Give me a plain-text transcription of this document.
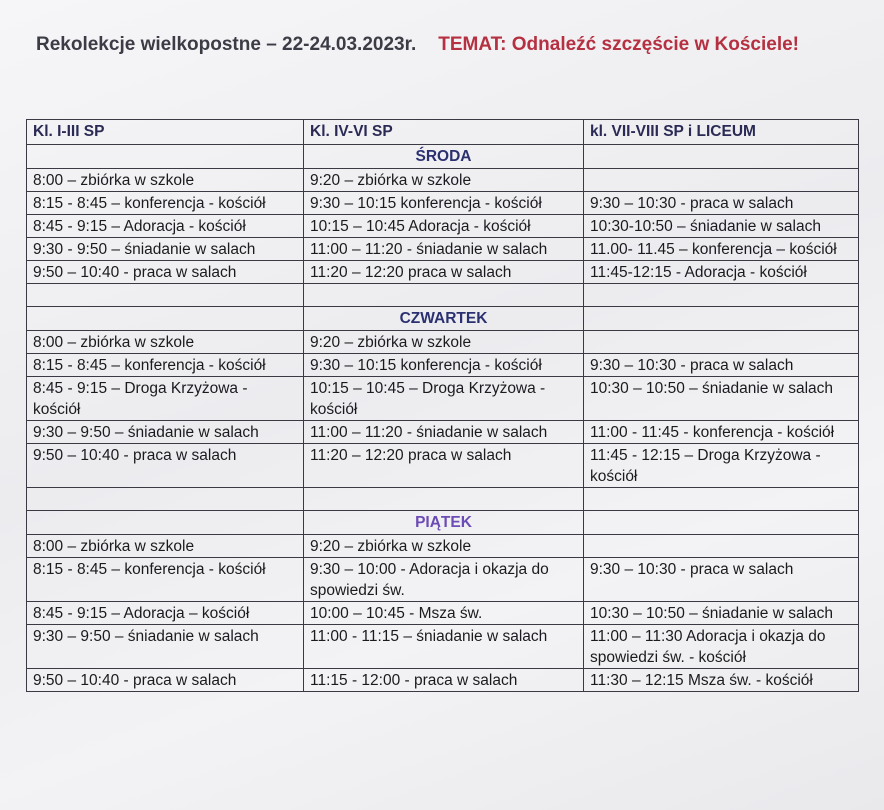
Rekolekcje wielkopostne – 22-24.03.2023r. TEMAT: Odnaleźć szczęście w Kościele!
Kl. I-III SP	Kl. IV-VI SP	kl. VII-VIII SP i LICEUM
	ŚRODA	
8:00 – zbiórka w szkole	9:20 – zbiórka w szkole	
8:15 - 8:45 – konferencja - kościół	9:30 – 10:15 konferencja - kościół	9:30 – 10:30 - praca w salach
8:45 - 9:15 – Adoracja - kościół	10:15 – 10:45 Adoracja - kościół	10:30-10:50 – śniadanie w salach
9:30 - 9:50 – śniadanie w salach	11:00 – 11:20 - śniadanie w salach	11.00- 11.45 – konferencja – kościół
9:50 – 10:40 - praca w salach	11:20 – 12:20 praca w salach	11:45-12:15 - Adoracja - kościół

	CZWARTEK	
8:00 – zbiórka w szkole	9:20 – zbiórka w szkole	
8:15 - 8:45 – konferencja - kościół	9:30 – 10:15 konferencja - kościół	9:30 – 10:30 - praca w salach
8:45 - 9:15 – Droga Krzyżowa - kościół	10:15 – 10:45 – Droga Krzyżowa - kościół	10:30 – 10:50 – śniadanie w salach
9:30 – 9:50 – śniadanie w salach	11:00 – 11:20 - śniadanie w salach	11:00 - 11:45 - konferencja - kościół
9:50 – 10:40 - praca w salach	11:20 – 12:20 praca w salach	11:45 - 12:15 – Droga Krzyżowa - kościół

	PIĄTEK	
8:00 – zbiórka w szkole	9:20 – zbiórka w szkole	
8:15 - 8:45 – konferencja - kościół	9:30 – 10:00 - Adoracja i okazja do spowiedzi św.	9:30 – 10:30 - praca w salach
8:45 - 9:15 – Adoracja – kościół	10:00 – 10:45 - Msza św.	10:30 – 10:50 – śniadanie w salach
9:30 – 9:50 – śniadanie w salach	11:00 - 11:15 – śniadanie w salach	11:00 – 11:30 Adoracja i okazja do spowiedzi św. - kościół
9:50 – 10:40 - praca w salach	11:15 - 12:00 - praca w salach	11:30 – 12:15 Msza św. - kościół
